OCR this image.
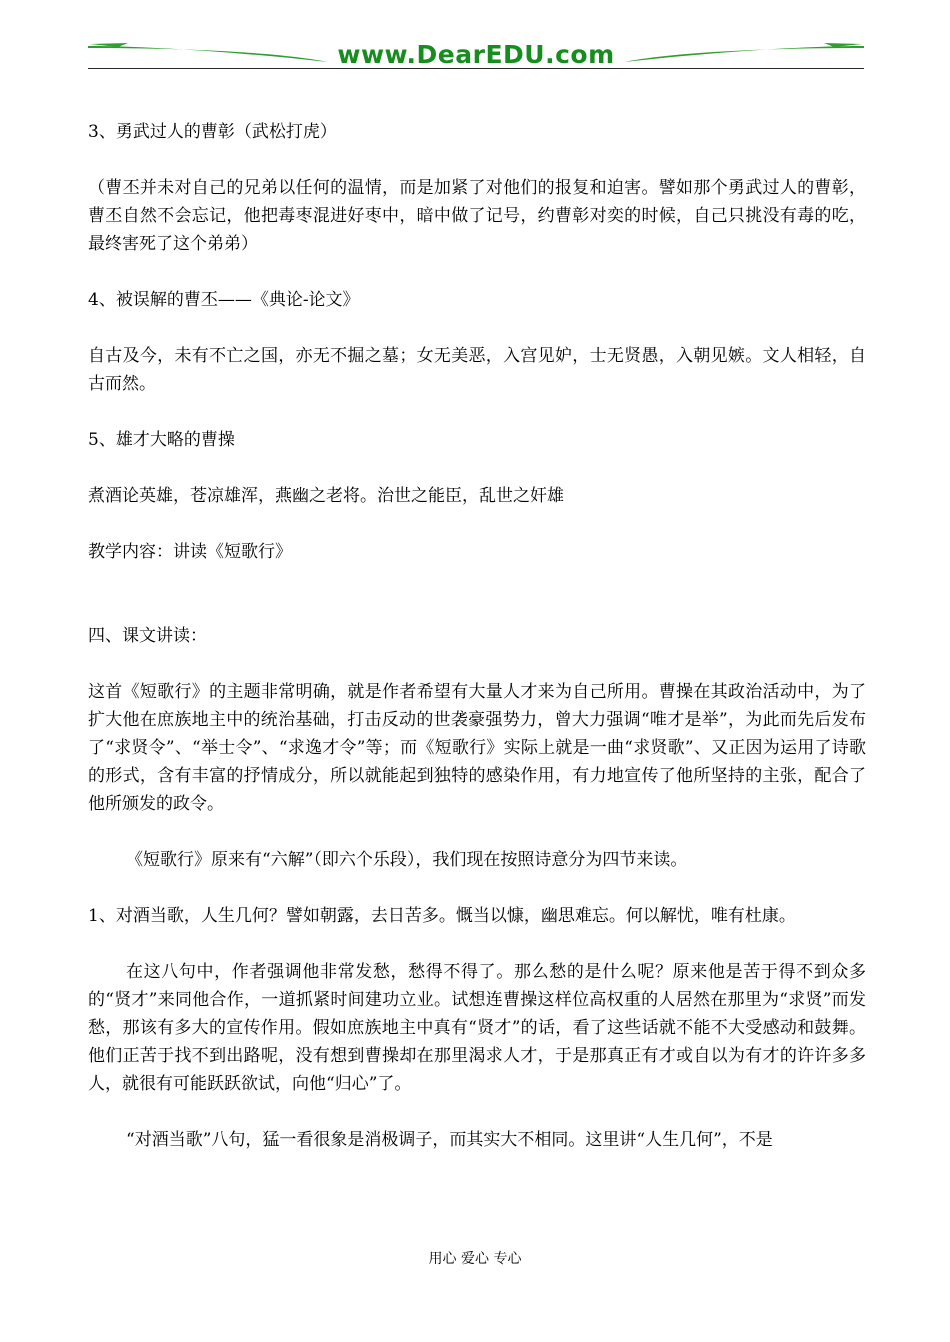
www.DearEDU.com

3、勇武过人的曹彰（武松打虎）

（曹丕并未对自己的兄弟以任何的温情，而是加紧了对他们的报复和迫害。譬如那个勇武过人的曹彰，曹丕自然不会忘记，他把毒枣混进好枣中，暗中做了记号，约曹彰对奕的时候，自己只挑没有毒的吃，最终害死了这个弟弟）

4、被误解的曹丕——《典论-论文》

自古及今，未有不亡之国，亦无不掘之墓；女无美恶，入宫见妒，士无贤愚，入朝见嫉。文人相轻，自古而然。

5、雄才大略的曹操

煮酒论英雄，苍凉雄浑，燕幽之老将。治世之能臣，乱世之奸雄

教学内容：讲读《短歌行》

四、课文讲读：

这首《短歌行》的主题非常明确，就是作者希望有大量人才来为自己所用。曹操在其政治活动中，为了扩大他在庶族地主中的统治基础，打击反动的世袭豪强势力，曾大力强调“唯才是举”，为此而先后发布了“求贤令”、“举士令”、“求逸才令”等；而《短歌行》实际上就是一曲“求贤歌”、又正因为运用了诗歌的形式，含有丰富的抒情成分，所以就能起到独特的感染作用，有力地宣传了他所坚持的主张，配合了他所颁发的政令。

《短歌行》原来有“六解”（即六个乐段），我们现在按照诗意分为四节来读。

1、对酒当歌，人生几何？譬如朝露，去日苦多。慨当以慷，幽思难忘。何以解忧，唯有杜康。

在这八句中，作者强调他非常发愁，愁得不得了。那么愁的是什么呢？原来他是苦于得不到众多的“贤才”来同他合作，一道抓紧时间建功立业。试想连曹操这样位高权重的人居然在那里为“求贤”而发愁，那该有多大的宣传作用。假如庶族地主中真有“贤才”的话，看了这些话就不能不大受感动和鼓舞。他们正苦于找不到出路呢，没有想到曹操却在那里渴求人才，于是那真正有才或自以为有才的许许多多人，就很有可能跃跃欲试，向他“归心”了。

“对酒当歌”八句，猛一看很象是消极调子，而其实大不相同。这里讲“人生几何”，不是

用心 爱心 专心
